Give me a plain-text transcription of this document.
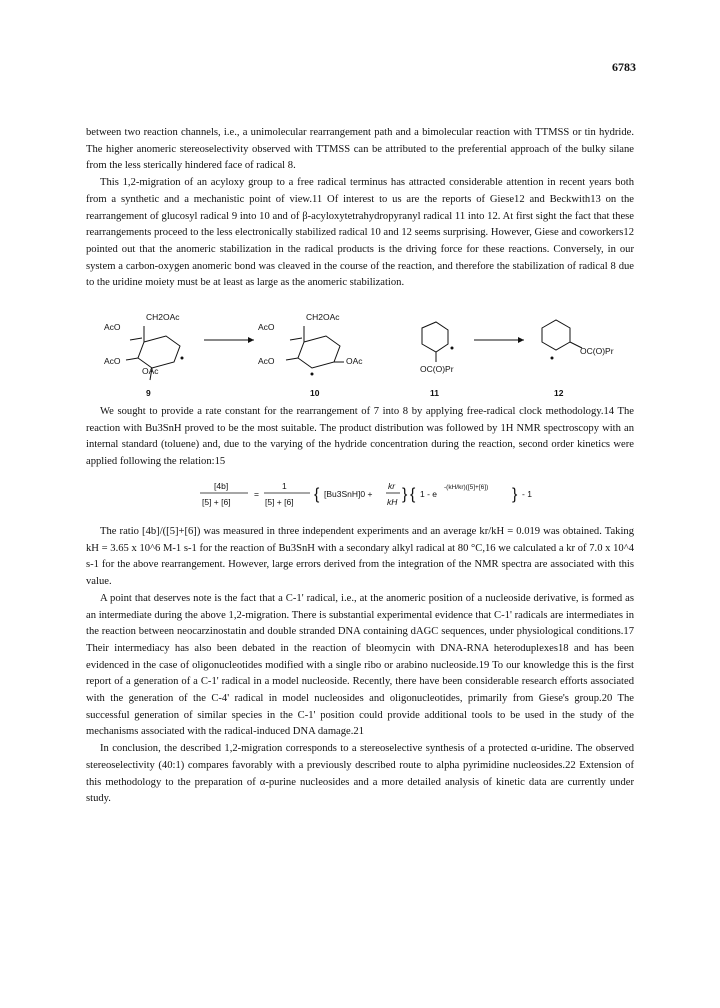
6783

between two reaction channels, i.e., a unimolecular rearrangement path and a bimolecular reaction with TTMSS or tin hydride. The higher anomeric stereoselectivity observed with TTMSS can be attributed to the preferential approach of the bulky silane from the less sterically hindered face of radical 8.

This 1,2-migration of an acyloxy group to a free radical terminus has attracted considerable attention in recent years both from a synthetic and a mechanistic point of view.11 Of interest to us are the reports of Giese12 and Beckwith13 on the rearrangement of glucosyl radical 9 into 10 and of β-acyloxytetrahydropyranyl radical 11 into 12. At first sight the fact that these rearrangements proceed to the less electronically stabilized radical 10 and 12 seems surprising. However, Giese and coworkers12 pointed out that the anomeric stabilization in the radical products is the driving force for these reactions. Conversely, in our system a carbon-oxygen anomeric bond was cleaved in the course of the reaction, and therefore the stabilization of radical 8 due to the uridine moiety must be at least as large as the anomeric stabilization.

CH2OAc
AcO
AcO
OAc
9
CH2OAc
AcO
AcO	OAc
10
OC(O)Pr
11
OC(O)Pr
12

We sought to provide a rate constant for the rearrangement of 7 into 8 by applying free-radical clock methodology.14 The reaction with Bu3SnH proved to be the most suitable. The product distribution was followed by 1H NMR spectroscopy with an internal standard (toluene) and, due to the varying of the hydride concentration during the reaction, second order kinetics were applied following the relation:15

[4b]
[5] + [6]
=
1
[5] + [6] { [Bu3SnH]0 +
kr
kH } { 1 - e
-(kH/kr)([5]+[6]) } - 1

The ratio [4b]/([5]+[6]) was measured in three independent experiments and an average kr/kH = 0.019 was obtained. Taking kH = 3.65 x 10^6 M-1 s-1 for the reaction of Bu3SnH with a secondary alkyl radical at 80 °C,16 we calculated a kr of 7.0 x 10^4 s-1 for the above rearrangement. However, large errors derived from the integration of the NMR spectra are associated with this value.

A point that deserves note is the fact that a C-1' radical, i.e., at the anomeric position of a nucleoside derivative, is formed as an intermediate during the above 1,2-migration. There is substantial experimental evidence that C-1' radicals are intermediates in the reaction between neocarzinostatin and double stranded DNA containing dAGC sequences, under physiological conditions.17 Their intermediacy has also been debated in the reaction of bleomycin with DNA-RNA heteroduplexes18 and has been evidenced in the case of oligonucleotides modified with a single ribo or arabino nucleoside.19 To our knowledge this is the first report of a generation of a C-1' radical in a model nucleoside. Recently, there have been considerable research efforts associated with the generation of the C-4' radical in model nucleosides and oligonucleotides, primarily from Giese's group.20 The successful generation of similar species in the C-1' position could provide additional tools to be used in the study of the mechanisms associated with the radical-induced DNA damage.21

In conclusion, the described 1,2-migration corresponds to a stereoselective synthesis of a protected α-uridine. The observed stereoselectivity (40:1) compares favorably with a previously described route to alpha pyrimidine nucleosides.22 Extension of this methodology to the preparation of α-purine nucleosides and a more detailed analysis of kinetic data are currently under study.
